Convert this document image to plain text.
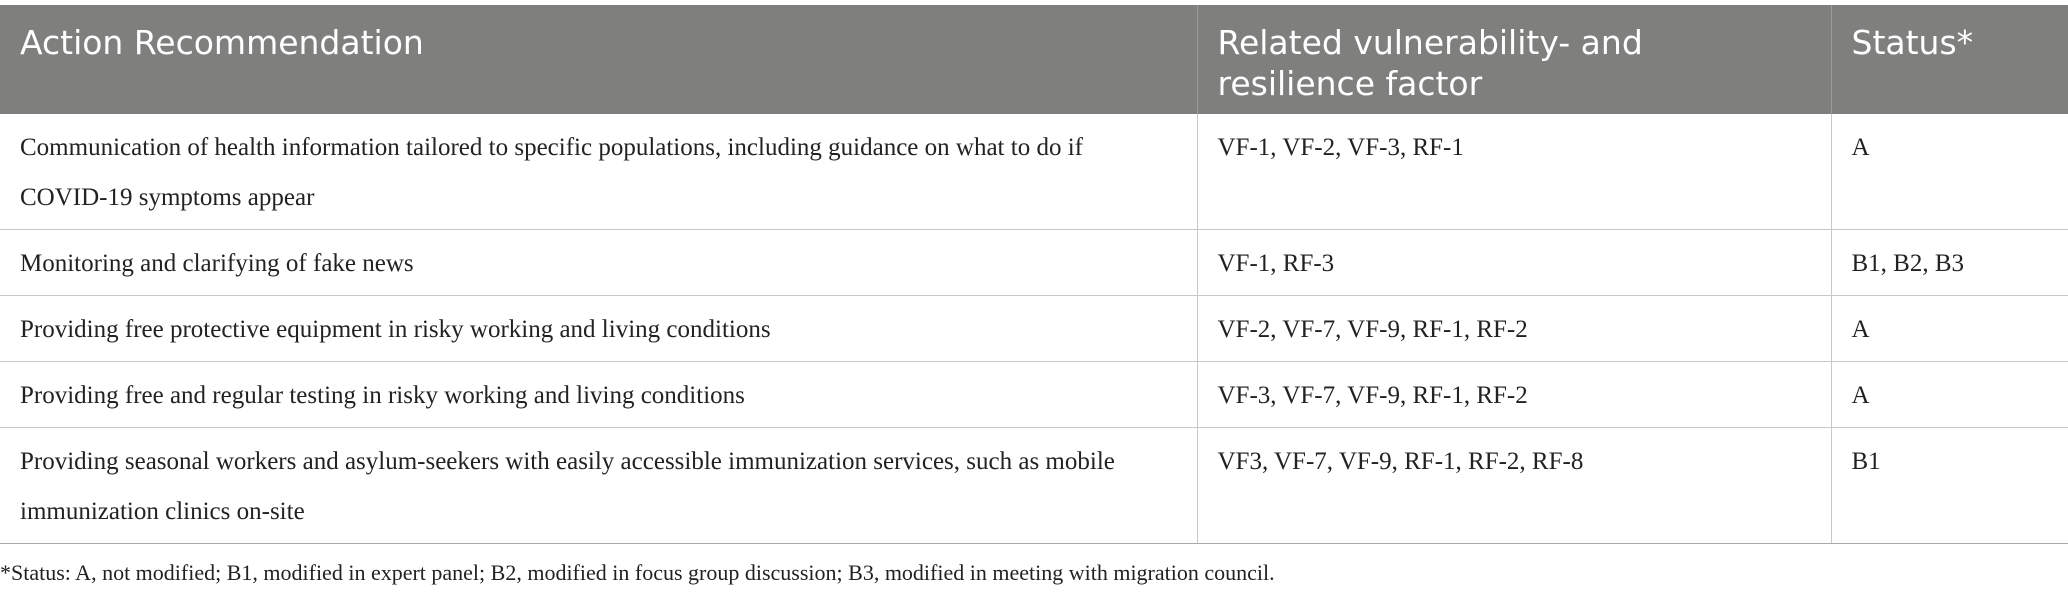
Action Recommendation	Related vulnerability- and resilience factor	Status*
Communication of health information tailored to specific populations, including guidance on what to do if COVID-19 symptoms appear	VF-1, VF-2, VF-3, RF-1	A
Monitoring and clarifying of fake news	VF-1, RF-3	B1, B2, B3
Providing free protective equipment in risky working and living conditions	VF-2, VF-7, VF-9, RF-1, RF-2	A
Providing free and regular testing in risky working and living conditions	VF-3, VF-7, VF-9, RF-1, RF-2	A
Providing seasonal workers and asylum-seekers with easily accessible immunization services, such as mobile immunization clinics on-site	VF3, VF-7, VF-9, RF-1, RF-2, RF-8	B1
*Status: A, not modified; B1, modified in expert panel; B2, modified in focus group discussion; B3, modified in meeting with migration council.
